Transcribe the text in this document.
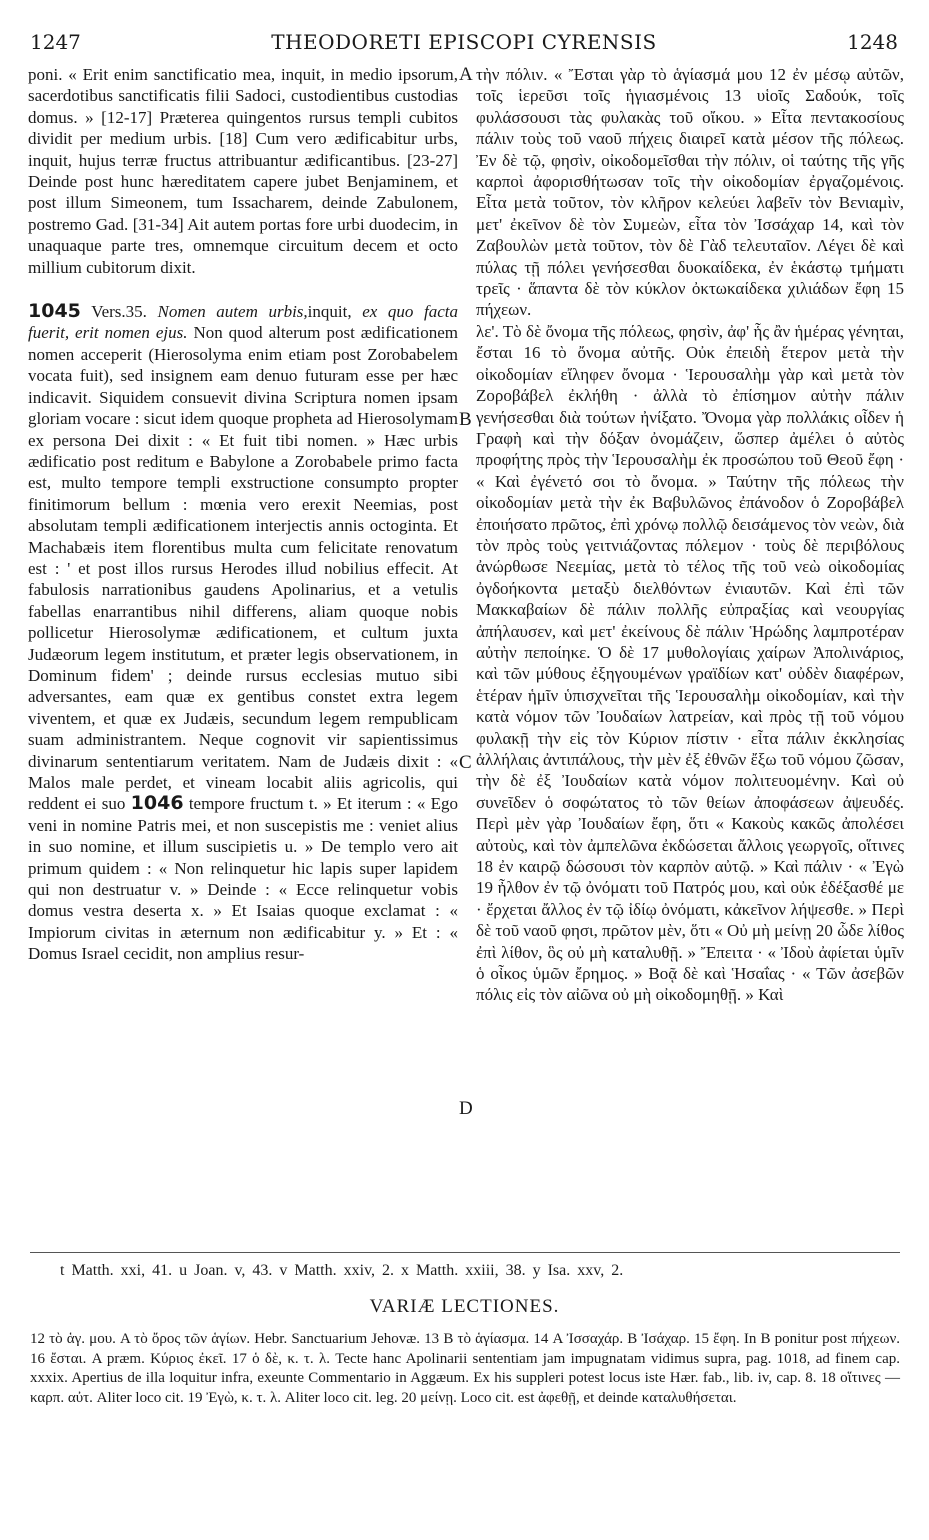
1247	THEODORETI EPISCOPI CYRENSIS	1248

poni. « Erit enim sanctificatio mea, inquit, in medio ipsorum, sacerdotibus sanctificatis filii Sadoci, custodientibus custodias domus. » [12-17] Præterea quingentos rursus templi cubitos dividit per medium urbis. [18] Cum vero ædificabitur urbs, inquit, hujus terræ fructus attribuantur ædificantibus. [23-27] Deinde post hunc hæreditatem capere jubet Benjaminem, et post illum Simeonem, tum Issacharem, deinde Zabulonem, postremo Gad. [31-34] Ait autem portas fore urbi duodecim, in unaquaque parte tres, omnemque circuitum decem et octo millium cubitorum dixit.

1045 Vers.35. Nomen autem urbis,inquit, ex quo facta fuerit, erit nomen ejus. Non quod alterum post ædificationem nomen acceperit (Hierosolyma enim etiam post Zorobabelem vocata fuit), sed insignem eam denuo futuram esse per hæc indicavit. Siquidem consuevit divina Scriptura nomen ipsam gloriam vocare : sicut idem quoque propheta ad Hierosolymam ex persona Dei dixit : « Et fuit tibi nomen. » Hæc urbis ædificatio post reditum e Babylone a Zorobabele primo facta est, multo tempore templi exstructione consumpto propter finitimorum bellum : mœnia vero erexit Neemias, post absolutam templi ædificationem interjectis annis octoginta. Et Machabæis item florentibus multa cum felicitate renovatum est : ' et post illos rursus Herodes illud nobilius effecit. At fabulosis narrationibus gaudens Apolinarius, et a vetulis fabellas enarrantibus nihil differens, aliam quoque nobis pollicetur Hierosolymæ ædificationem, et cultum juxta Judæorum legem institutum, et præter legis observationem, in Dominum fidem' ; deinde rursus ecclesias mutuo sibi adversantes, eam quæ ex gentibus constet extra legem viventem, et quæ ex Judæis, secundum legem rempublicam suam administrantem. Neque cognovit vir sapientissimus divinarum sententiarum veritatem. Nam de Judæis dixit : « Malos male perdet, et vineam locabit aliis agricolis, qui reddent ei suo 1046 tempore fructum t. » Et iterum : « Ego veni in nomine Patris mei, et non suscepistis me : veniet alius in suo nomine, et illum suscipietis u. » De templo vero ait primum quidem : « Non relinquetur hic lapis super lapidem qui non destruatur v. » Deinde : « Ecce relinquetur vobis domus vestra deserta x. » Et Isaias quoque exclamat : « Impiorum civitas in æternum non ædificabitur y. » Et : « Domus Israel cecidit, non amplius resur-

A
B
C
D

τὴν πόλιν. « Ἔσται γὰρ τὸ ἁγίασμά μου 12 ἐν μέσῳ αὐτῶν, τοῖς ἱερεῦσι τοῖς ἡγιασμένοις 13 υἱοῖς Σαδούκ, τοῖς φυλάσσουσι τὰς φυλακὰς τοῦ οἴκου. » Εἶτα πεντακοσίους πάλιν τοὺς τοῦ ναοῦ πήχεις διαιρεῖ κατὰ μέσον τῆς πόλεως. Ἐν δὲ τῷ, φησὶν, οἰκοδομεῖσθαι τὴν πόλιν, οἱ ταύτης τῆς γῆς καρποὶ ἀφορισθήτωσαν τοῖς τὴν οἰκοδομίαν ἐργαζομένοις. Εἶτα μετὰ τοῦτον, τὸν κλῆρον κελεύει λαβεῖν τὸν Βενιαμὶν, μετ' ἐκεῖνον δὲ τὸν Συμεὼν, εἶτα τὸν Ἰσσάχαρ 14, καὶ τὸν Ζαβουλὼν μετὰ τοῦτον, τὸν δὲ Γὰδ τελευταῖον. Λέγει δὲ καὶ πύλας τῇ πόλει γενήσεσθαι δυοκαίδεκα, ἐν ἑκάστῳ τμήματι τρεῖς · ἅπαντα δὲ τὸν κύκλον ὀκτωκαίδεκα χιλιάδων ἔφη 15 πήχεων.

λε'. Τὸ δὲ ὄνομα τῆς πόλεως, φησὶν, ἀφ' ἧς ἂν ἡμέρας γένηται, ἔσται 16 τὸ ὄνομα αὐτῆς. Οὐκ ἐπειδὴ ἕτερον μετὰ τὴν οἰκοδομίαν εἴληφεν ὄνομα · Ἱερουσαλὴμ γὰρ καὶ μετὰ τὸν Ζοροβάβελ ἐκλήθη · ἀλλὰ τὸ ἐπίσημον αὐτὴν πάλιν γενήσεσθαι διὰ τούτων ἠνίξατο. Ὄνομα γὰρ πολλάκις οἶδεν ἡ Γραφὴ καὶ τὴν δόξαν ὀνομάζειν, ὥσπερ ἀμέλει ὁ αὐτὸς προφήτης πρὸς τὴν Ἱερουσαλὴμ ἐκ προσώπου τοῦ Θεοῦ ἔφη · « Καὶ ἐγένετό σοι τὸ ὄνομα. » Ταύτην τῆς πόλεως τὴν οἰκοδομίαν μετὰ τὴν ἐκ Βαβυλῶνος ἐπάνοδον ὁ Ζοροβάβελ ἐποιήσατο πρῶτος, ἐπὶ χρόνῳ πολλῷ δεισάμενος τὸν νεὼν, διὰ τὸν πρὸς τοὺς γειτνιάζοντας πόλεμον · τοὺς δὲ περιβόλους ἀνώρθωσε Νεεμίας, μετὰ τὸ τέλος τῆς τοῦ νεὼ οἰκοδομίας ὀγδοήκοντα μεταξὺ διελθόντων ἐνιαυτῶν. Καὶ ἐπὶ τῶν Μακκαβαίων δὲ πάλιν πολλῆς εὐπραξίας καὶ νεουργίας ἀπήλαυσεν, καὶ μετ' ἐκείνους δὲ πάλιν Ἡρώδης λαμπροτέραν αὐτὴν πεποίηκε. Ὁ δὲ 17 μυθολογίαις χαίρων Ἀπολινάριος, καὶ τῶν μύθους ἐξηγουμένων γραϊδίων κατ' οὐδὲν διαφέρων, ἑτέραν ἡμῖν ὑπισχνεῖται τῆς Ἱερουσαλὴμ οἰκοδομίαν, καὶ τὴν κατὰ νόμον τῶν Ἰουδαίων λατρείαν, καὶ πρὸς τῇ τοῦ νόμου φυλακῇ τὴν εἰς τὸν Κύριον πίστιν · εἶτα πάλιν ἐκκλησίας ἀλλήλαις ἀντιπάλους, τὴν μὲν ἐξ ἐθνῶν ἔξω τοῦ νόμου ζῶσαν, τὴν δὲ ἐξ Ἰουδαίων κατὰ νόμον πολιτευομένην. Καὶ οὐ συνεῖδεν ὁ σοφώτατος τὸ τῶν θείων ἀποφάσεων ἀψευδές. Περὶ μὲν γὰρ Ἰουδαίων ἔφη, ὅτι « Κακοὺς κακῶς ἀπολέσει αὐτοὺς, καὶ τὸν ἀμπελῶνα ἐκδώσεται ἄλλοις γεωργοῖς, οἵτινες 18 ἐν καιρῷ δώσουσι τὸν καρπὸν αὐτῷ. » Καὶ πάλιν · « Ἐγὼ 19 ἦλθον ἐν τῷ ὀνόματι τοῦ Πατρός μου, καὶ οὐκ ἐδέξασθέ με · ἔρχεται ἄλλος ἐν τῷ ἰδίῳ ὀνόματι, κἀκεῖνον λήψεσθε. » Περὶ δὲ τοῦ ναοῦ φησι, πρῶτον μὲν, ὅτι « Οὐ μὴ μείνῃ 20 ὧδε λίθος ἐπὶ λίθον, ὃς οὐ μὴ καταλυθῇ. » Ἔπειτα · « Ἰδοὺ ἀφίεται ὑμῖν ὁ οἶκος ὑμῶν ἔρημος. » Βοᾷ δὲ καὶ Ἡσαΐας · « Τῶν ἀσεβῶν πόλις εἰς τὸν αἰῶνα οὐ μὴ οἰκοδομηθῇ. » Καὶ

t Matth. xxi, 41. u Joan. v, 43. v Matth. xxiv, 2. x Matth. xxiii, 38. y Isa. xxv, 2.
VARIÆ LECTIONES.
12 τὸ ἁγ. μου. A τὸ ὄρος τῶν ἁγίων. Hebr. Sanctuarium Jehovæ. 13 B τὸ ἁγίασμα. 14 A Ἰσσαχάρ. B Ἰσάχαρ. 15 ἔφη. In B ponitur post πήχεων. 16 ἔσται. A præm. Κύριος ἐκεῖ. 17 ὁ δὲ, κ. τ. λ. Tecte hanc Apolinarii sententiam jam impugnatam vidimus supra, pag. 1018, ad finem cap. xxxix. Apertius de illa loquitur infra, exeunte Commentario in Aggæum. Ex his suppleri potest locus iste Hær. fab., lib. iv, cap. 8. 18 οἵτινες — καρπ. αὐτ. Aliter loco cit. 19 Ἐγὼ, κ. τ. λ. Aliter loco cit. leg. 20 μείνῃ. Loco cit. est ἀφεθῇ, et deinde καταλυθήσεται.
